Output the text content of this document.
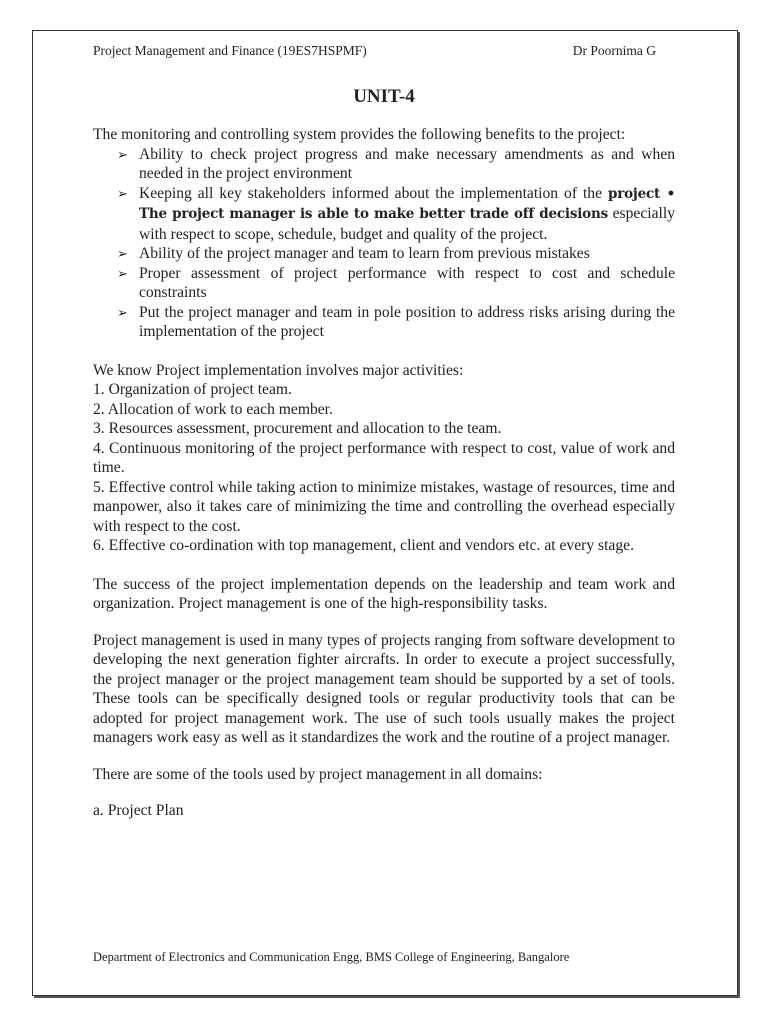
Project Management and Finance (19ES7HSPMF)	Dr Poornima G
UNIT-4

The monitoring and controlling system provides the following benefits to the project:

➢ Ability to check project progress and make necessary amendments as and when needed in the project environment
➢ Keeping all key stakeholders informed about the implementation of the project • The project manager is able to make better trade off decisions especially with respect to scope, schedule, budget and quality of the project.
➢ Ability of the project manager and team to learn from previous mistakes
➢ Proper assessment of project performance with respect to cost and schedule constraints
➢ Put the project manager and team in pole position to address risks arising during the implementation of the project

We know Project implementation involves major activities:

1. Organization of project team.

2. Allocation of work to each member.

3. Resources assessment, procurement and allocation to the team.

4. Continuous monitoring of the project performance with respect to cost, value of work and time.

5. Effective control while taking action to minimize mistakes, wastage of resources, time and manpower, also it takes care of minimizing the time and controlling the overhead especially with respect to the cost.

6. Effective co-ordination with top management, client and vendors etc. at every stage.

The success of the project implementation depends on the leadership and team work and organization. Project management is one of the high-responsibility tasks.

Project management is used in many types of projects ranging from software development to developing the next generation fighter aircrafts. In order to execute a project successfully, the project manager or the project management team should be supported by a set of tools. These tools can be specifically designed tools or regular productivity tools that can be adopted for project management work. The use of such tools usually makes the project managers work easy as well as it standardizes the work and the routine of a project manager.

There are some of the tools used by project management in all domains:

a. Project Plan

Department of Electronics and Communication Engg, BMS College of Engineering, Bangalore
